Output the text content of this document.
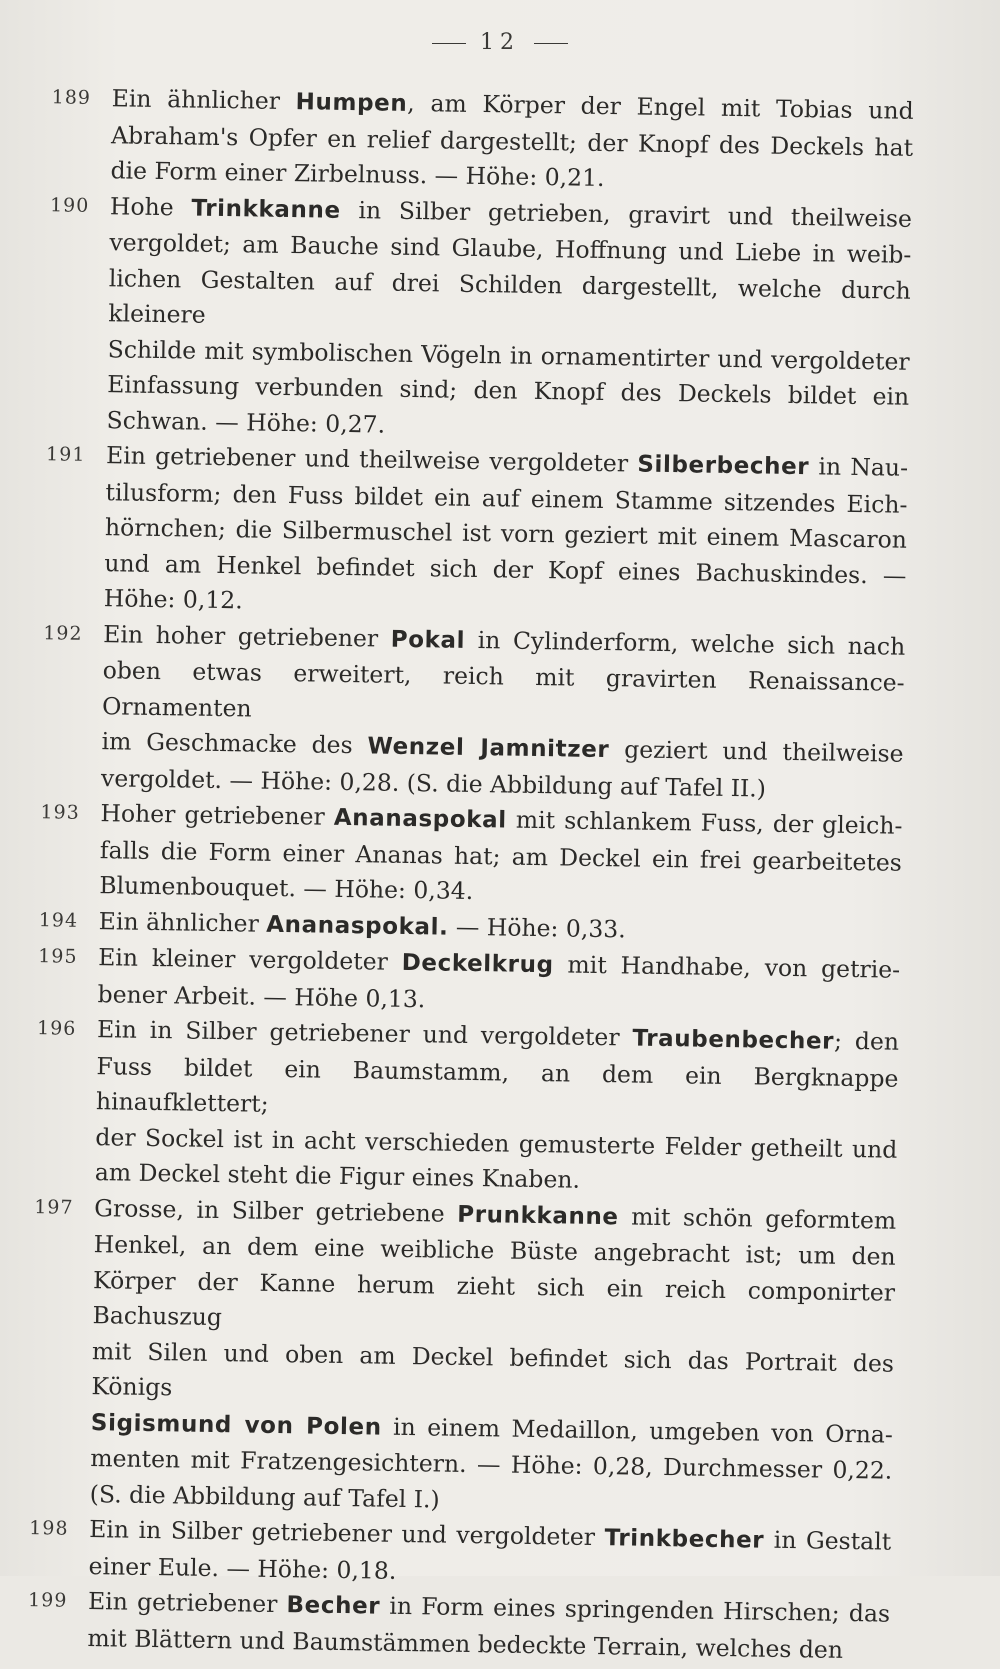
12
189 Ein ähnlicher Humpen, am Körper der Engel mit Tobias und
Abraham's Opfer en relief dargestellt; der Knopf des Deckels hat
die Form einer Zirbelnuss. — Höhe: 0,21.
190 Hohe Trinkkanne in Silber getrieben, gravirt und theilweise
vergoldet; am Bauche sind Glaube, Hoffnung und Liebe in weib-
lichen Gestalten auf drei Schilden dargestellt, welche durch kleinere
Schilde mit symbolischen Vögeln in ornamentirter und vergoldeter
Einfassung verbunden sind; den Knopf des Deckels bildet ein
Schwan. — Höhe: 0,27.
191 Ein getriebener und theilweise vergoldeter Silberbecher in Nau-
tilusform; den Fuss bildet ein auf einem Stamme sitzendes Eich-
hörnchen; die Silbermuschel ist vorn geziert mit einem Mascaron
und am Henkel befindet sich der Kopf eines Bachuskindes. —
Höhe: 0,12.
192 Ein hoher getriebener Pokal in Cylinderform, welche sich nach
oben etwas erweitert, reich mit gravirten Renaissance-Ornamenten
im Geschmacke des Wenzel Jamnitzer geziert und theilweise
vergoldet. — Höhe: 0,28. (S. die Abbildung auf Tafel II.)
193 Hoher getriebener Ananaspokal mit schlankem Fuss, der gleich-
falls die Form einer Ananas hat; am Deckel ein frei gearbeitetes
Blumenbouquet. — Höhe: 0,34.
194 Ein ähnlicher Ananaspokal. — Höhe: 0,33.
195 Ein kleiner vergoldeter Deckelkrug mit Handhabe, von getrie-
bener Arbeit. — Höhe 0,13.
196 Ein in Silber getriebener und vergoldeter Traubenbecher; den
Fuss bildet ein Baumstamm, an dem ein Bergknappe hinaufklettert;
der Sockel ist in acht verschieden gemusterte Felder getheilt und
am Deckel steht die Figur eines Knaben.
197 Grosse, in Silber getriebene Prunkkanne mit schön geformtem
Henkel, an dem eine weibliche Büste angebracht ist; um den
Körper der Kanne herum zieht sich ein reich componirter Bachuszug
mit Silen und oben am Deckel befindet sich das Portrait des Königs
Sigismund von Polen in einem Medaillon, umgeben von Orna-
menten mit Fratzengesichtern. — Höhe: 0,28, Durchmesser 0,22.
(S. die Abbildung auf Tafel I.)
198 Ein in Silber getriebener und vergoldeter Trinkbecher in Gestalt
einer Eule. — Höhe: 0,18.
199 Ein getriebener Becher in Form eines springenden Hirschen; das
mit Blättern und Baumstämmen bedeckte Terrain, welches den
